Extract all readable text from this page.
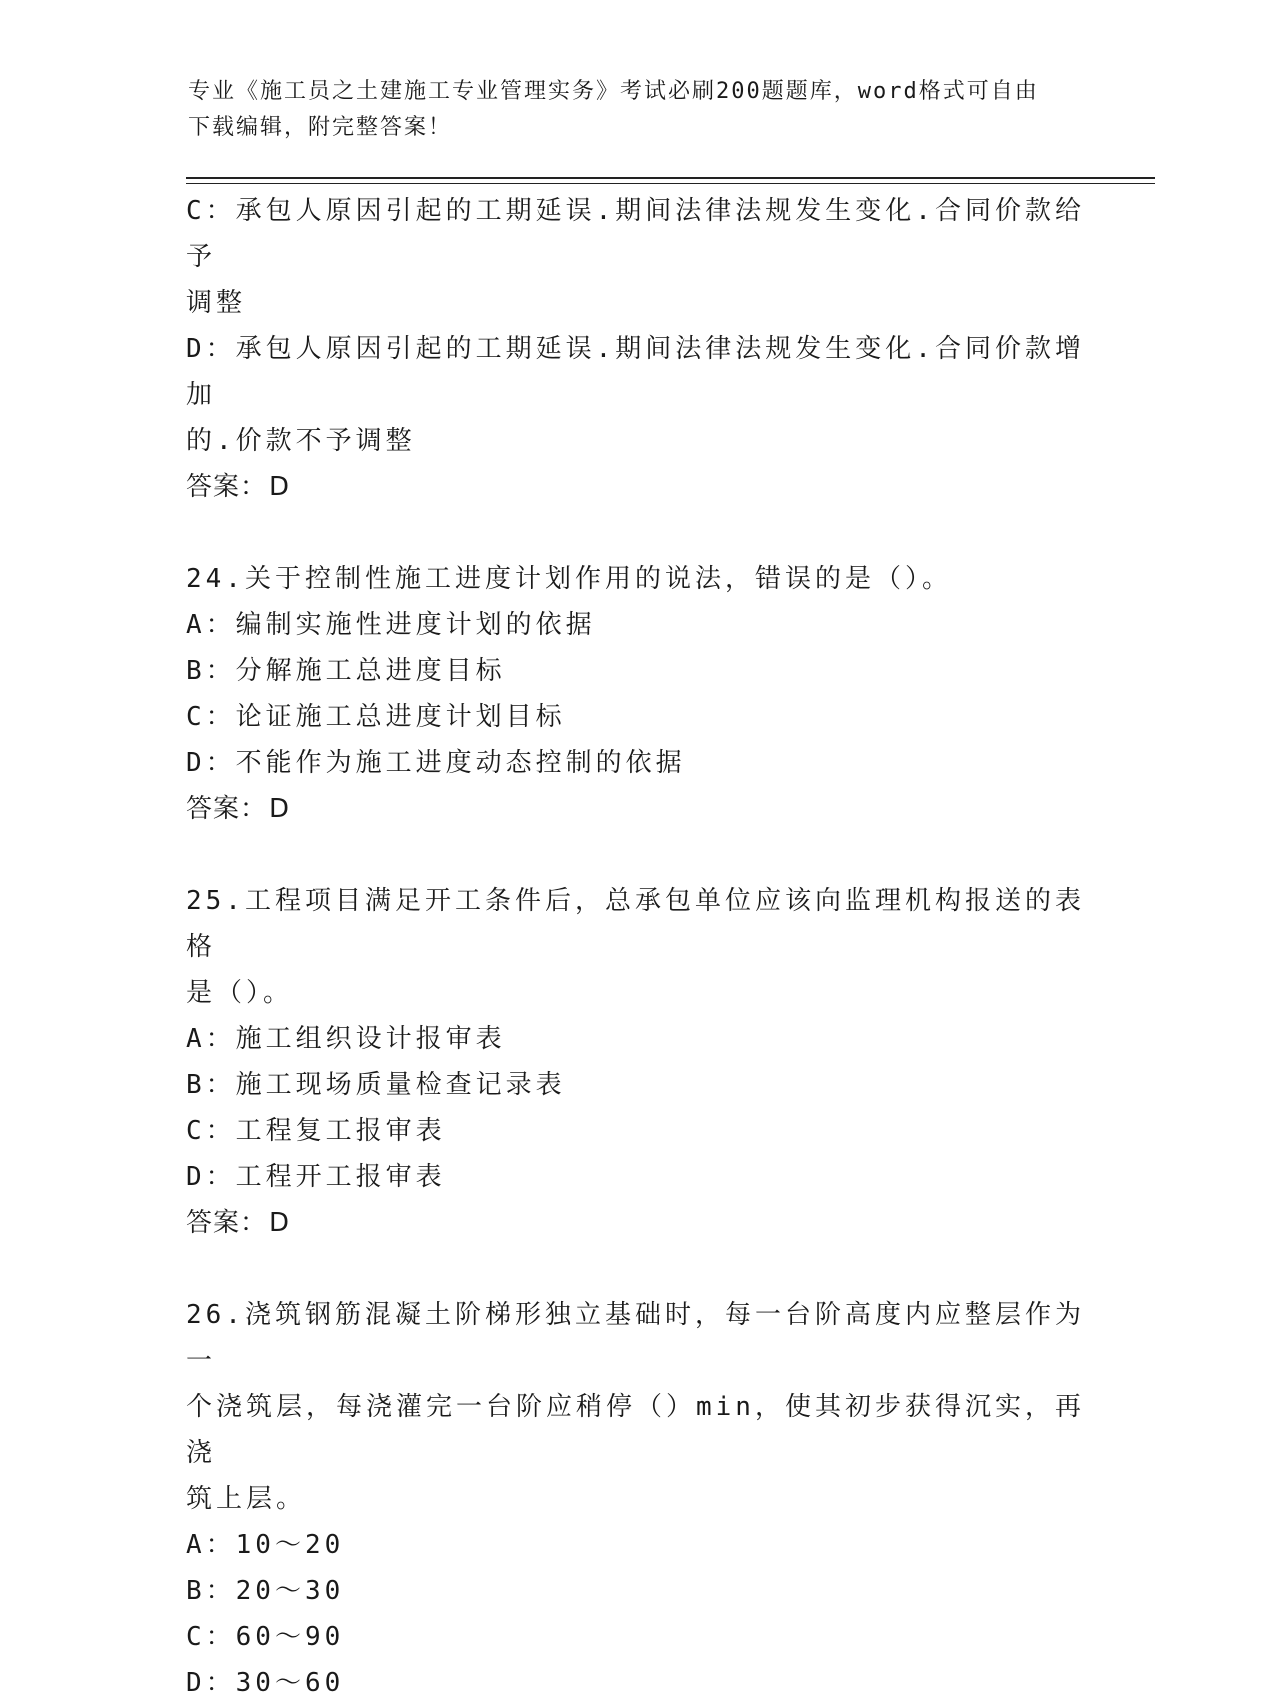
专业《施工员之土建施工专业管理实务》考试必刷200题题库，word格式可自由
下载编辑，附完整答案！
C：承包人原因引起的工期延误.期间法律法规发生变化.合同价款给予
调整
D：承包人原因引起的工期延误.期间法律法规发生变化.合同价款增加
的.价款不予调整
答案：D
24.关于控制性施工进度计划作用的说法，错误的是（）。
A：编制实施性进度计划的依据
B：分解施工总进度目标
C：论证施工总进度计划目标
D：不能作为施工进度动态控制的依据
答案：D
25.工程项目满足开工条件后，总承包单位应该向监理机构报送的表格
是（）。
A：施工组织设计报审表
B：施工现场质量检查记录表
C：工程复工报审表
D：工程开工报审表
答案：D
26.浇筑钢筋混凝土阶梯形独立基础时，每一台阶高度内应整层作为一
个浇筑层，每浇灌完一台阶应稍停（）min，使其初步获得沉实，再浇
筑上层。
A：10～20
B：20～30
C：60～90
D：30～60
